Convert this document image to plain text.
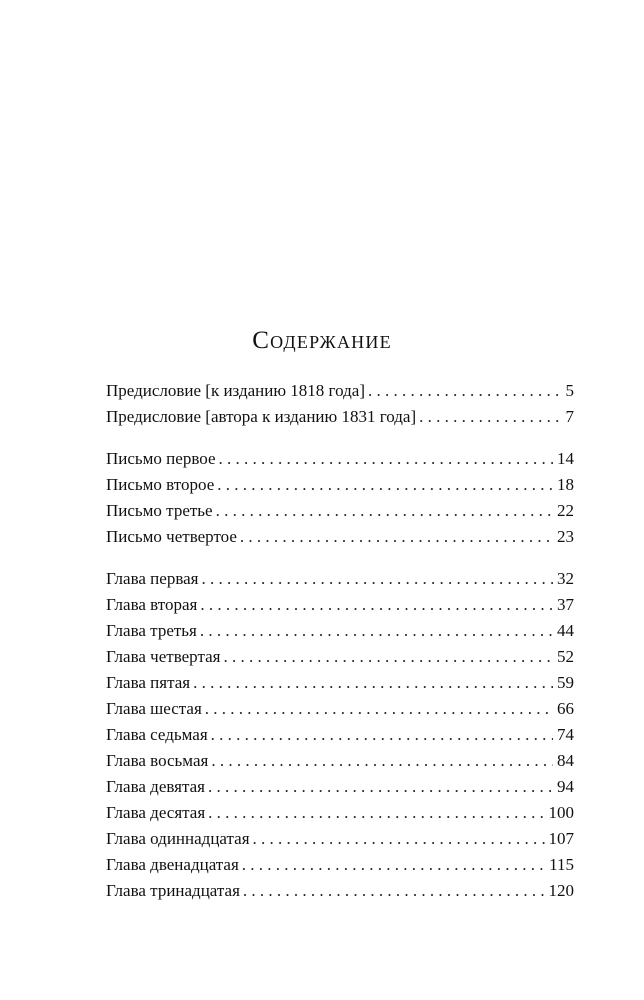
Содержание
Предисловие [к изданию 1818 года] . . .	5
Предисловие [автора к изданию 1831 года] . . .	7
Письмо первое . . .	14
Письмо второе . . .	18
Письмо третье . . .	22
Письмо четвертое . . .	23
Глава первая . . .	32
Глава вторая . . .	37
Глава третья . . .	44
Глава четвертая . . .	52
Глава пятая . . .	59
Глава шестая . . .	66
Глава седьмая . . .	74
Глава восьмая . . .	84
Глава девятая . . .	94
Глава десятая . . .	100
Глава одиннадцатая . . .	107
Глава двенадцатая . . .	115
Глава тринадцатая . . .	120
